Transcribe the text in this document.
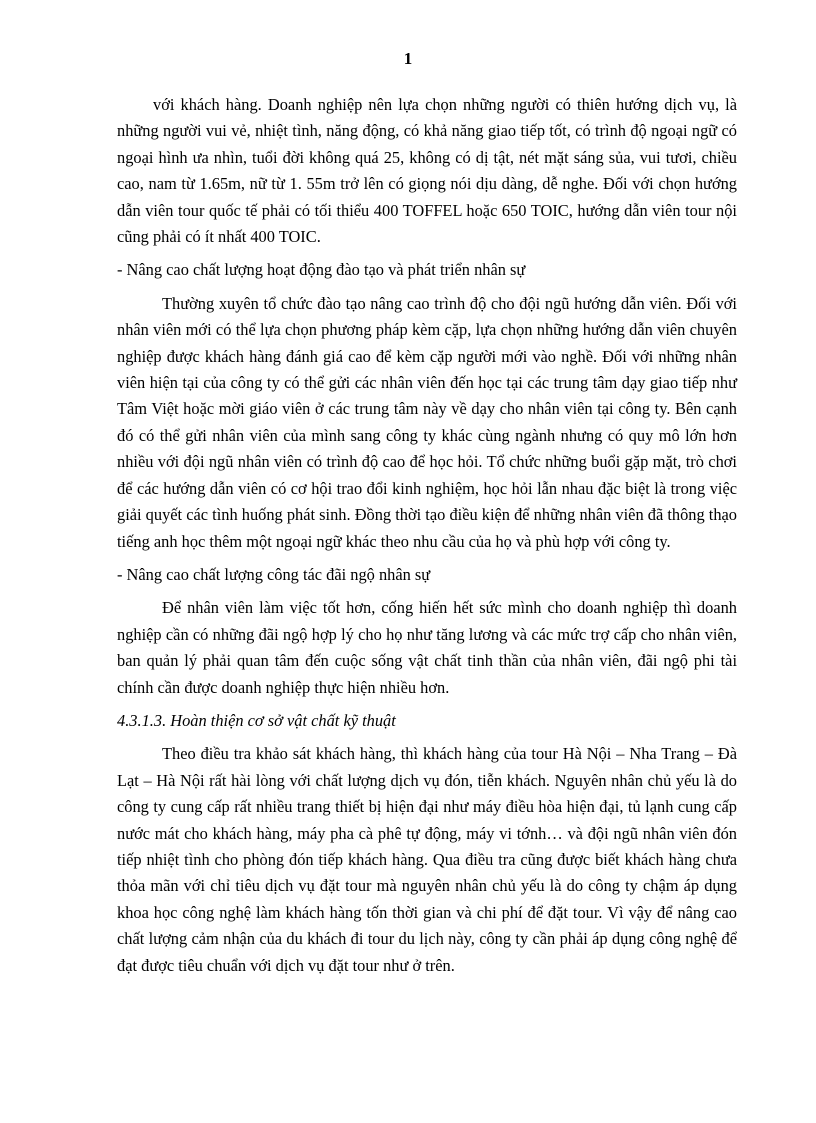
1

với khách hàng. Doanh nghiệp nên lựa chọn những người có thiên hướng dịch vụ, là những người vui vẻ, nhiệt tình, năng động, có khả năng giao tiếp tốt, có trình độ ngoại ngữ có ngoại hình ưa nhìn, tuổi đời không quá 25, không có dị tật, nét mặt sáng sủa, vui tươi, chiều cao, nam từ 1.65m, nữ từ 1. 55m trở lên có giọng nói dịu dàng, dễ nghe. Đối với chọn hướng dẫn viên tour quốc tế phải có tối thiểu 400 TOFFEL hoặc 650 TOIC, hướng dẫn viên tour nội cũng phải có ít nhất 400 TOIC.

- Nâng cao chất lượng hoạt động đào tạo và phát triển nhân sự

Thường xuyên tổ chức đào tạo nâng cao trình độ cho đội ngũ hướng dẫn viên. Đối với nhân viên mới có thể lựa chọn phương pháp kèm cặp, lựa chọn những hướng dẫn viên chuyên nghiệp được khách hàng đánh giá cao để kèm cặp người mới vào nghề. Đối với những nhân viên hiện tại của công ty có thể gửi các nhân viên đến học tại các trung tâm dạy giao tiếp như Tâm Việt hoặc mời giáo viên ở các trung tâm này về dạy cho nhân viên tại công ty. Bên cạnh đó có thể gửi nhân viên của mình sang công ty khác cùng ngành nhưng có quy mô lớn hơn nhiều với đội ngũ nhân viên có trình độ cao để học hỏi. Tổ chức những buổi gặp mặt, trò chơi để các hướng dẫn viên có cơ hội trao đổi kinh nghiệm, học hỏi lẫn nhau đặc biệt là trong việc giải quyết các tình huống phát sinh. Đồng thời tạo điều kiện để những nhân viên đã thông thạo tiếng anh học thêm một ngoại ngữ khác theo nhu cầu của họ và phù hợp với công ty.

- Nâng cao chất lượng công tác đãi ngộ nhân sự

Để nhân viên làm việc tốt hơn, cống hiến hết sức mình cho doanh nghiệp thì doanh nghiệp cần có những đãi ngộ hợp lý cho họ như tăng lương và các mức trợ cấp cho nhân viên, ban quản lý phải quan tâm đến cuộc sống vật chất tinh thần của nhân viên, đãi ngộ phi tài chính cần được doanh nghiệp thực hiện nhiều hơn.

4.3.1.3. Hoàn thiện cơ sở vật chất kỹ thuật

Theo điều tra khảo sát khách hàng, thì khách hàng của tour Hà Nội – Nha Trang – Đà Lạt – Hà Nội rất hài lòng với chất lượng dịch vụ đón, tiễn khách. Nguyên nhân chủ yếu là do công ty cung cấp rất nhiều trang thiết bị hiện đại như máy điều hòa hiện đại, tủ lạnh cung cấp nước mát cho khách hàng, máy pha cà phê tự động, máy vi tớnh… và đội ngũ nhân viên đón tiếp nhiệt tình cho phòng đón tiếp khách hàng. Qua điều tra cũng được biết khách hàng chưa thỏa mãn với chỉ tiêu dịch vụ đặt tour mà nguyên nhân chủ yếu là do công ty chậm áp dụng khoa học công nghệ làm khách hàng tốn thời gian và chi phí để đặt tour. Vì vậy để nâng cao chất lượng cảm nhận của du khách đi tour du lịch này, công ty cần phải áp dụng công nghệ để đạt được tiêu chuẩn với dịch vụ đặt tour như ở trên.
